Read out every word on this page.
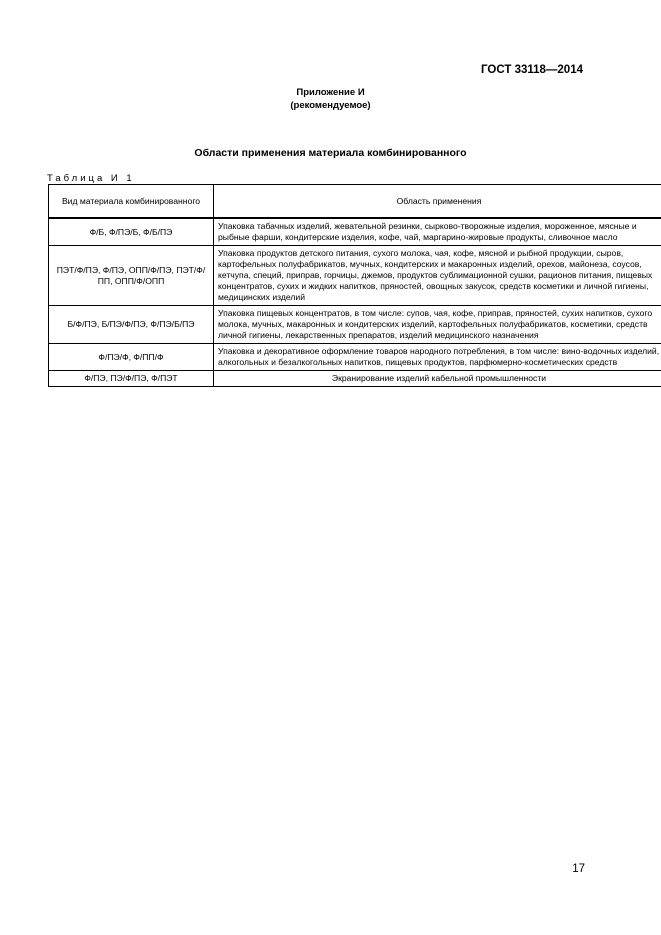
ГОСТ 33118—2014
Приложение И
(рекомендуемое)
Области применения материала комбинированного
Таблица И 1
Вид материала комбинированного	Область применения
Ф/Б, Ф/ПЭ/Б, Ф/Б/ПЭ	Упаковка табачных изделий, жевательной резинки, сырково-творожные изделия, мороженное, мясные и рыбные фарши, кондитерские изделия, кофе, чай, маргарино-жировые продукты, сливочное масло
ПЭТ/Ф/ПЭ, Ф/ПЭ, ОПП/Ф/ПЭ, ПЭТ/Ф/ПП, ОПП/Ф/ОПП	Упаковка продуктов детского питания, сухого молока, чая, кофе, мясной и рыбной продукции, сыров, картофельных полуфабрикатов, мучных, кондитерских и макаронных изделий, орехов, майонеза, соусов, кетчупа, специй, приправ, горчицы, джемов, продуктов сублимационной сушки, рационов питания, пищевых концентратов, сухих и жидких напитков, пряностей, овощных закусок, средств косметики и личной гигиены, медицинских изделий
Б/Ф/ПЭ, Б/ПЭ/Ф/ПЭ, Ф/ПЭ/Б/ПЭ	Упаковка пищевых концентратов, в том числе: супов, чая, кофе, приправ, пряностей, сухих напитков, сухого молока, мучных, макаронных и кондитерских изделий, картофельных полуфабрикатов, косметики, средств личной гигиены, лекарственных препаратов, изделий медицинского назначения
Ф/ПЭ/Ф, Ф/ПП/Ф	Упаковка и декоративное оформление товаров народного потребления, в том числе: вино-водочных изделий, алкогольных и безалкогольных напитков, пищевых продуктов, парфюмерно-косметических средств
Ф/ПЭ, ПЭ/Ф/ПЭ, Ф/ПЭТ	Экранирование изделий кабельной промышленности
17
